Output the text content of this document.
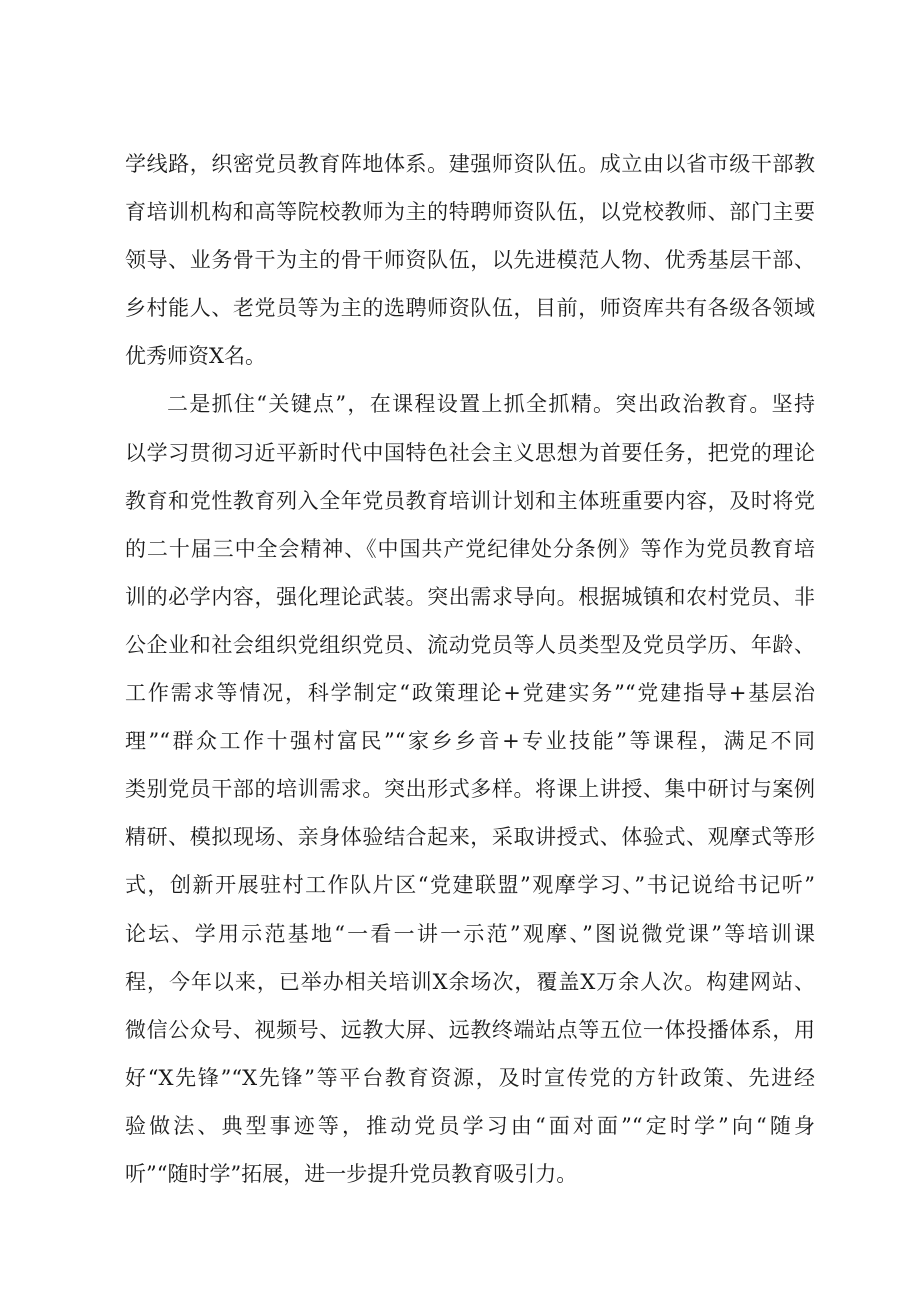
学线路，织密党员教育阵地体系。建强师资队伍。成立由以省市级干部教
育培训机构和高等院校教师为主的特聘师资队伍，以党校教师、部门主要
领导、业务骨干为主的骨干师资队伍，以先进模范人物、优秀基层干部、
乡村能人、老党员等为主的选聘师资队伍，目前，师资库共有各级各领域
优秀师资X名。
二是抓住“关键点”，在课程设置上抓全抓精。突出政治教育。坚持
以学习贯彻习近平新时代中国特色社会主义思想为首要任务，把党的理论
教育和党性教育列入全年党员教育培训计划和主体班重要内容，及时将党
的二十届三中全会精神、《中国共产党纪律处分条例》等作为党员教育培
训的必学内容，强化理论武装。突出需求导向。根据城镇和农村党员、非
公企业和社会组织党组织党员、流动党员等人员类型及党员学历、年龄、
工作需求等情况，科学制定“政策理论+党建实务”“党建指导+基层治
理”“群众工作十强村富民”“家乡乡音+专业技能”等课程，满足不同
类别党员干部的培训需求。突出形式多样。将课上讲授、集中研讨与案例
精研、模拟现场、亲身体验结合起来，采取讲授式、体验式、观摩式等形
式，创新开展驻村工作队片区“党建联盟”观摩学习、”书记说给书记听”
论坛、学用示范基地“一看一讲一示范”观摩、”图说微党课”等培训课
程，今年以来，已举办相关培训X余场次，覆盖X万余人次。构建网站、
微信公众号、视频号、远教大屏、远教终端站点等五位一体投播体系，用
好“X先锋”“X先锋”等平台教育资源，及时宣传党的方针政策、先进经
验做法、典型事迹等，推动党员学习由“面对面”“定时学”向“随身
听”“随时学”拓展，进一步提升党员教育吸引力。
